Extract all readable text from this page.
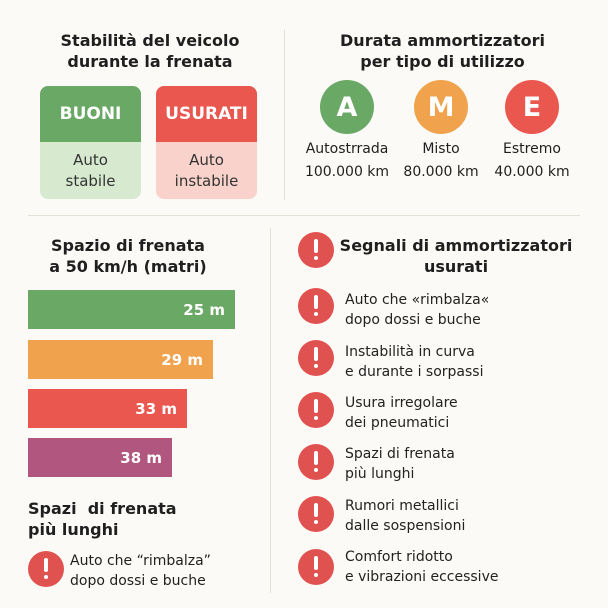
Stabilità del veicolo
durante la frenata
BUONI
Auto
stabile
USURATI
Auto
instabile
Durata ammortizzatori
per tipo di utilizzo
A	M	E
Autostrrada	Misto	Estremo
100.000 km	80.000 km	40.000 km
Spazio di frenata
a 50 km/h (matri)
25 m
29 m
33 m
38 m
Spazi  di frenata
più lunghi
Auto che “rimbalza”
dopo dossi e buche
Segnali di ammortizzatori
usurati
Auto che «rimbalza«
dopo dossi e buche
Instabilità in curva
e durante i sorpassi
Usura irregolare
dei pneumatici
Spazi di frenata
più lunghi
Rumori metallici
dalle sospensioni
Comfort ridotto
e vibrazioni eccessive
